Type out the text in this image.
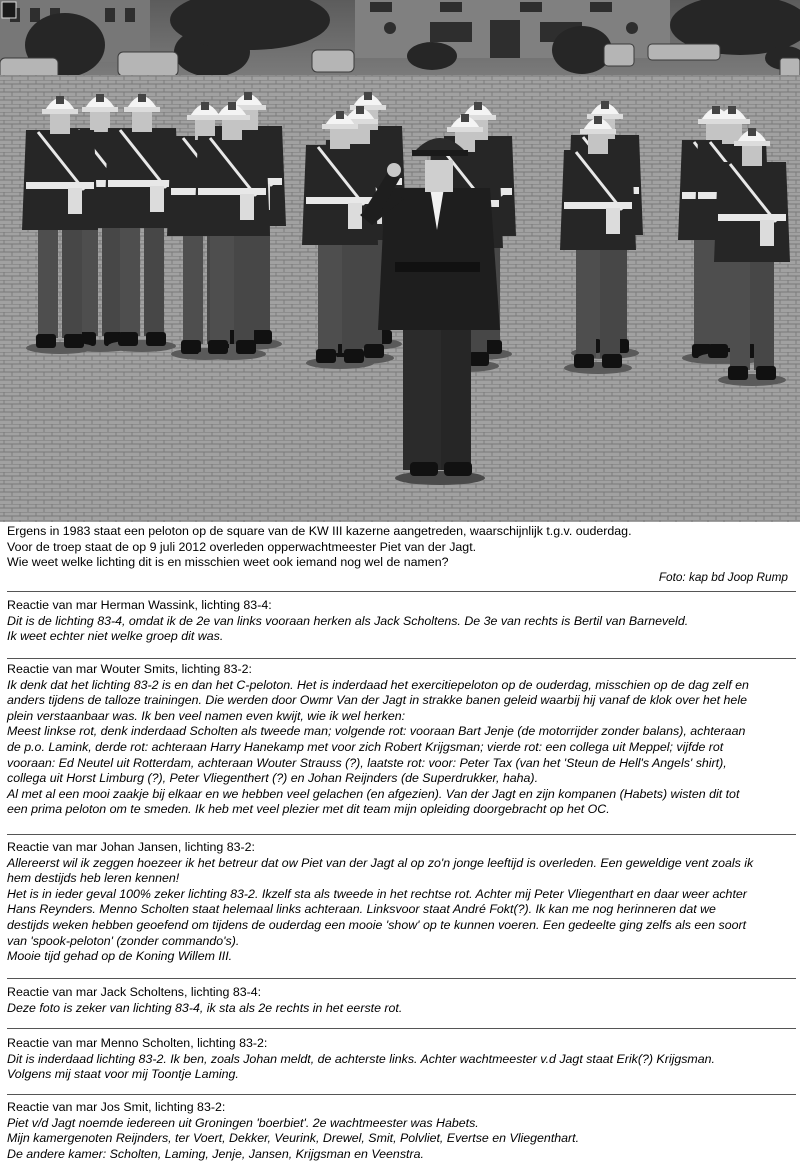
Ergens in 1983 staat een peloton op de square van de KW III kazerne aangetreden, waarschijnlijk t.g.v. ouderdag.
Voor de troep staat de op 9 juli 2012 overleden opperwachtmeester Piet van der Jagt.
Wie weet welke lichting dit is en misschien weet ook iemand nog wel de namen?
Foto: kap bd Joop Rump
Reactie van mar Herman Wassink, lichting 83-4:
Dit is de lichting 83-4, omdat ik de 2e van links vooraan herken als Jack Scholtens. De 3e van rechts is Bertil van Barneveld.
Ik weet echter niet welke groep dit was.
Reactie van mar Wouter Smits, lichting 83-2:
Ik denk dat het lichting 83-2 is en dan het C-peloton. Het is inderdaad het exercitiepeloton op de ouderdag, misschien op de dag zelf en
anders tijdens de talloze trainingen. Die werden door Owmr Van der Jagt in strakke banen geleid waarbij hij vanaf de klok over het hele
plein verstaanbaar was. Ik ben veel namen even kwijt, wie ik wel herken:
Meest linkse rot, denk inderdaad Scholten als tweede man; volgende rot: vooraan Bart Jenje (de motorrijder zonder balans), achteraan
de p.o. Lamink, derde rot: achteraan Harry Hanekamp met voor zich Robert Krijgsman; vierde rot: een collega uit Meppel; vijfde rot
vooraan: Ed Neutel uit Rotterdam, achteraan Wouter Strauss (?), laatste rot: voor: Peter Tax (van het 'Steun de Hell's Angels' shirt),
collega uit Horst Limburg (?), Peter Vliegenthert (?) en Johan Reijnders (de Superdrukker, haha).
Al met al een mooi zaakje bij elkaar en we hebben veel gelachen (en afgezien). Van der Jagt en zijn kompanen (Habets) wisten dit tot
een prima peloton om te smeden. Ik heb met veel plezier met dit team mijn opleiding doorgebracht op het OC.
Reactie van mar Johan Jansen, lichting 83-2:
Allereerst wil ik zeggen hoezeer ik het betreur dat ow Piet van der Jagt al op zo'n jonge leeftijd is overleden. Een geweldige vent zoals ik
hem destijds heb leren kennen!
Het is in ieder geval 100% zeker lichting 83-2. Ikzelf sta als tweede in het rechtse rot. Achter mij Peter Vliegenthart en daar weer achter
Hans Reynders. Menno Scholten staat helemaal links achteraan. Linksvoor staat André Fokt(?). Ik kan me nog herinneren dat we
destijds weken hebben geoefend om tijdens de ouderdag een mooie 'show' op te kunnen voeren. Een gedeelte ging zelfs als een soort
van 'spook-peloton' (zonder commando's).
Mooie tijd gehad op de Koning Willem III.
Reactie van mar Jack Scholtens, lichting 83-4:
Deze foto is zeker van lichting 83-4, ik sta als 2e rechts in het eerste rot.
Reactie van mar Menno Scholten, lichting 83-2:
Dit is inderdaad lichting 83-2. Ik ben, zoals Johan meldt, de achterste links. Achter wachtmeester v.d Jagt staat Erik(?) Krijgsman.
Volgens mij staat voor mij Toontje Laming.
Reactie van mar Jos Smit, lichting 83-2:
Piet v/d Jagt noemde iedereen uit Groningen 'boerbiet'. 2e wachtmeester was Habets.
Mijn kamergenoten Reijnders, ter Voert, Dekker, Veurink, Drewel, Smit, Polvliet, Evertse en Vliegenthart.
De andere kamer: Scholten, Laming, Jenje, Jansen, Krijgsman en Veenstra.
